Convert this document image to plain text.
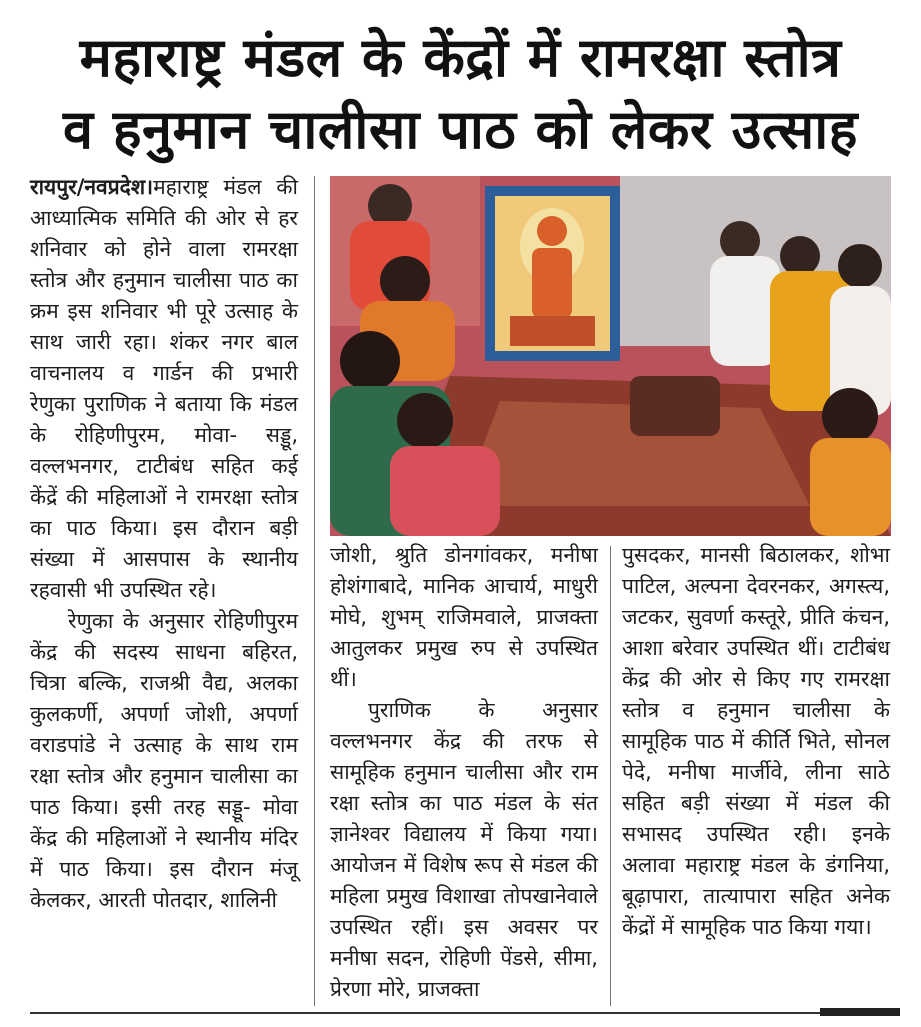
महाराष्ट्र मंडल के केंद्रों में रामरक्षा स्तोत्र
व हनुमान चालीसा पाठ को लेकर उत्साह

रायपुर/नवप्रदेश।महाराष्ट्र मंडल की आध्यात्मिक समिति की ओर से हर शनिवार को होने वाला रामरक्षा स्तोत्र और हनुमान चालीसा पाठ का क्रम इस शनिवार भी पूरे उत्साह के साथ जारी रहा। शंकर नगर बाल वाचनालय व गार्डन की प्रभारी रेणुका पुराणिक ने बताया कि मंडल के रोहिणीपुरम, मोवा- सड्डू, वल्लभनगर, टाटीबंध सहित कई केंद्रें की महिलाओं ने रामरक्षा स्तोत्र का पाठ किया। इस दौरान बड़ी संख्या में आसपास के स्थानीय रहवासी भी उपस्थित रहे।

रेणुका के अनुसार रोहिणीपुरम केंद्र की सदस्य साधना बहिरत, चित्रा बल्कि, राजश्री वैद्य, अलका कुलकर्णी, अपर्णा जोशी, अपर्णा वराडपांडे ने उत्साह के साथ राम रक्षा स्तोत्र और हनुमान चालीसा का पाठ किया। इसी तरह सड्डू- मोवा केंद्र की महिलाओं ने स्थानीय मंदिर में पाठ किया। इस दौरान मंजू केलकर, आरती पोतदार, शालिनी

जोशी, श्रुति डोनगांवकर, मनीषा होशंगाबादे, मानिक आचार्य, माधुरी मोघे, शुभम् राजिमवाले, प्राजक्ता आतुलकर प्रमुख रुप से उपस्थित थीं।

पुराणिक के अनुसार वल्लभनगर केंद्र की तरफ से सामूहिक हनुमान चालीसा और राम रक्षा स्तोत्र का पाठ मंडल के संत ज्ञानेश्वर विद्यालय में किया गया। आयोजन में विशेष रूप से मंडल की महिला प्रमुख विशाखा तोपखानेवाले उपस्थित रहीं। इस अवसर पर मनीषा सदन, रोहिणी पेंडसे, सीमा, प्रेरणा मोरे, प्राजक्ता

पुसदकर, मानसी बिठालकर, शोभा पाटिल, अल्पना देवरनकर, अगस्त्य, जटकर, सुवर्णा कस्तूरे, प्रीति कंचन, आशा बरेवार उपस्थित थीं। टाटीबंध केंद्र की ओर से किए गए रामरक्षा स्तोत्र व हनुमान चालीसा के सामूहिक पाठ में कीर्ति भिते, सोनल पेदे, मनीषा मार्जीवे, लीना साठे सहित बड़ी संख्या में मंडल की सभासद उपस्थित रही। इनके अलावा महाराष्ट्र मंडल के डंगनिया, बूढ़ापारा, तात्यापारा सहित अनेक केंद्रों में सामूहिक पाठ किया गया।
